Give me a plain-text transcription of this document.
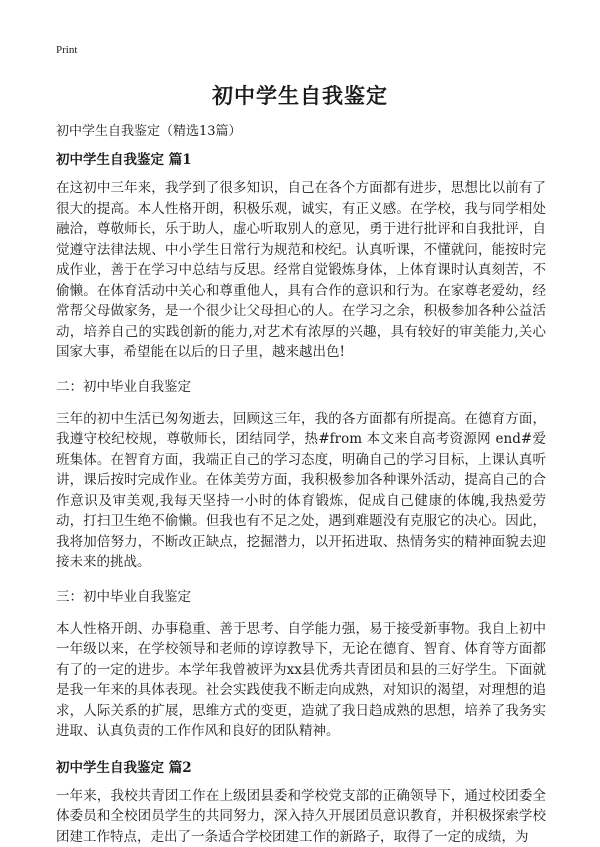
Print
初中学生自我鉴定
初中学生自我鉴定（精选13篇）
初中学生自我鉴定 篇1

在这初中三年来，我学到了很多知识，自己在各个方面都有进步，思想比以前有了很大的提高。本人性格开朗，积极乐观，诚实，有正义感。在学校，我与同学相处融洽，尊敬师长，乐于助人，虚心听取别人的意见，勇于进行批评和自我批评，自觉遵守法律法规、中小学生日常行为规范和校纪。认真听课，不懂就问，能按时完成作业，善于在学习中总结与反思。经常自觉锻炼身体，上体育课时认真刻苦，不偷懒。在体育活动中关心和尊重他人，具有合作的意识和行为。在家尊老爱幼，经常帮父母做家务，是一个很少让父母担心的人。在学习之余，积极参加各种公益活动，培养自己的实践创新的能力,对艺术有浓厚的兴趣，具有较好的审美能力,关心国家大事，希望能在以后的日子里，越来越出色!

二：初中毕业自我鉴定

三年的初中生活已匆匆逝去，回顾这三年，我的各方面都有所提高。在德育方面，我遵守校纪校规，尊敬师长，团结同学，热#from 本文来自高考资源网 end#爱班集体。在智育方面，我端正自己的学习态度，明确自己的学习目标，上课认真听讲，课后按时完成作业。在体美劳方面，我积极参加各种课外活动，提高自己的合作意识及审美观,我每天坚持一小时的体育锻炼，促成自己健康的体魄,我热爱劳动，打扫卫生绝不偷懒。但我也有不足之处，遇到难题没有克服它的决心。因此，我将加倍努力，不断改正缺点，挖掘潜力，以开拓进取、热情务实的精神面貌去迎接未来的挑战。

三：初中毕业自我鉴定

本人性格开朗、办事稳重、善于思考、自学能力强，易于接受新事物。我自上初中一年级以来，在学校领导和老师的谆谆教导下，无论在德育、智育、体育等方面都有了的一定的进步。本学年我曾被评为xx县优秀共青团员和县的三好学生。下面就是我一年来的具体表现。社会实践使我不断走向成熟，对知识的渴望，对理想的追求，人际关系的扩展，思维方式的变更，造就了我日趋成熟的思想，培养了我务实进取、认真负责的工作作风和良好的团队精神。

初中学生自我鉴定 篇2

一年来，我校共青团工作在上级团县委和学校党支部的正确领导下，通过校团委全体委员和全校团员学生的共同努力，深入持久开展团员意识教育，并积极探索学校团建工作特点，走出了一条适合学校团建工作的新路子，取得了一定的成绩，为
